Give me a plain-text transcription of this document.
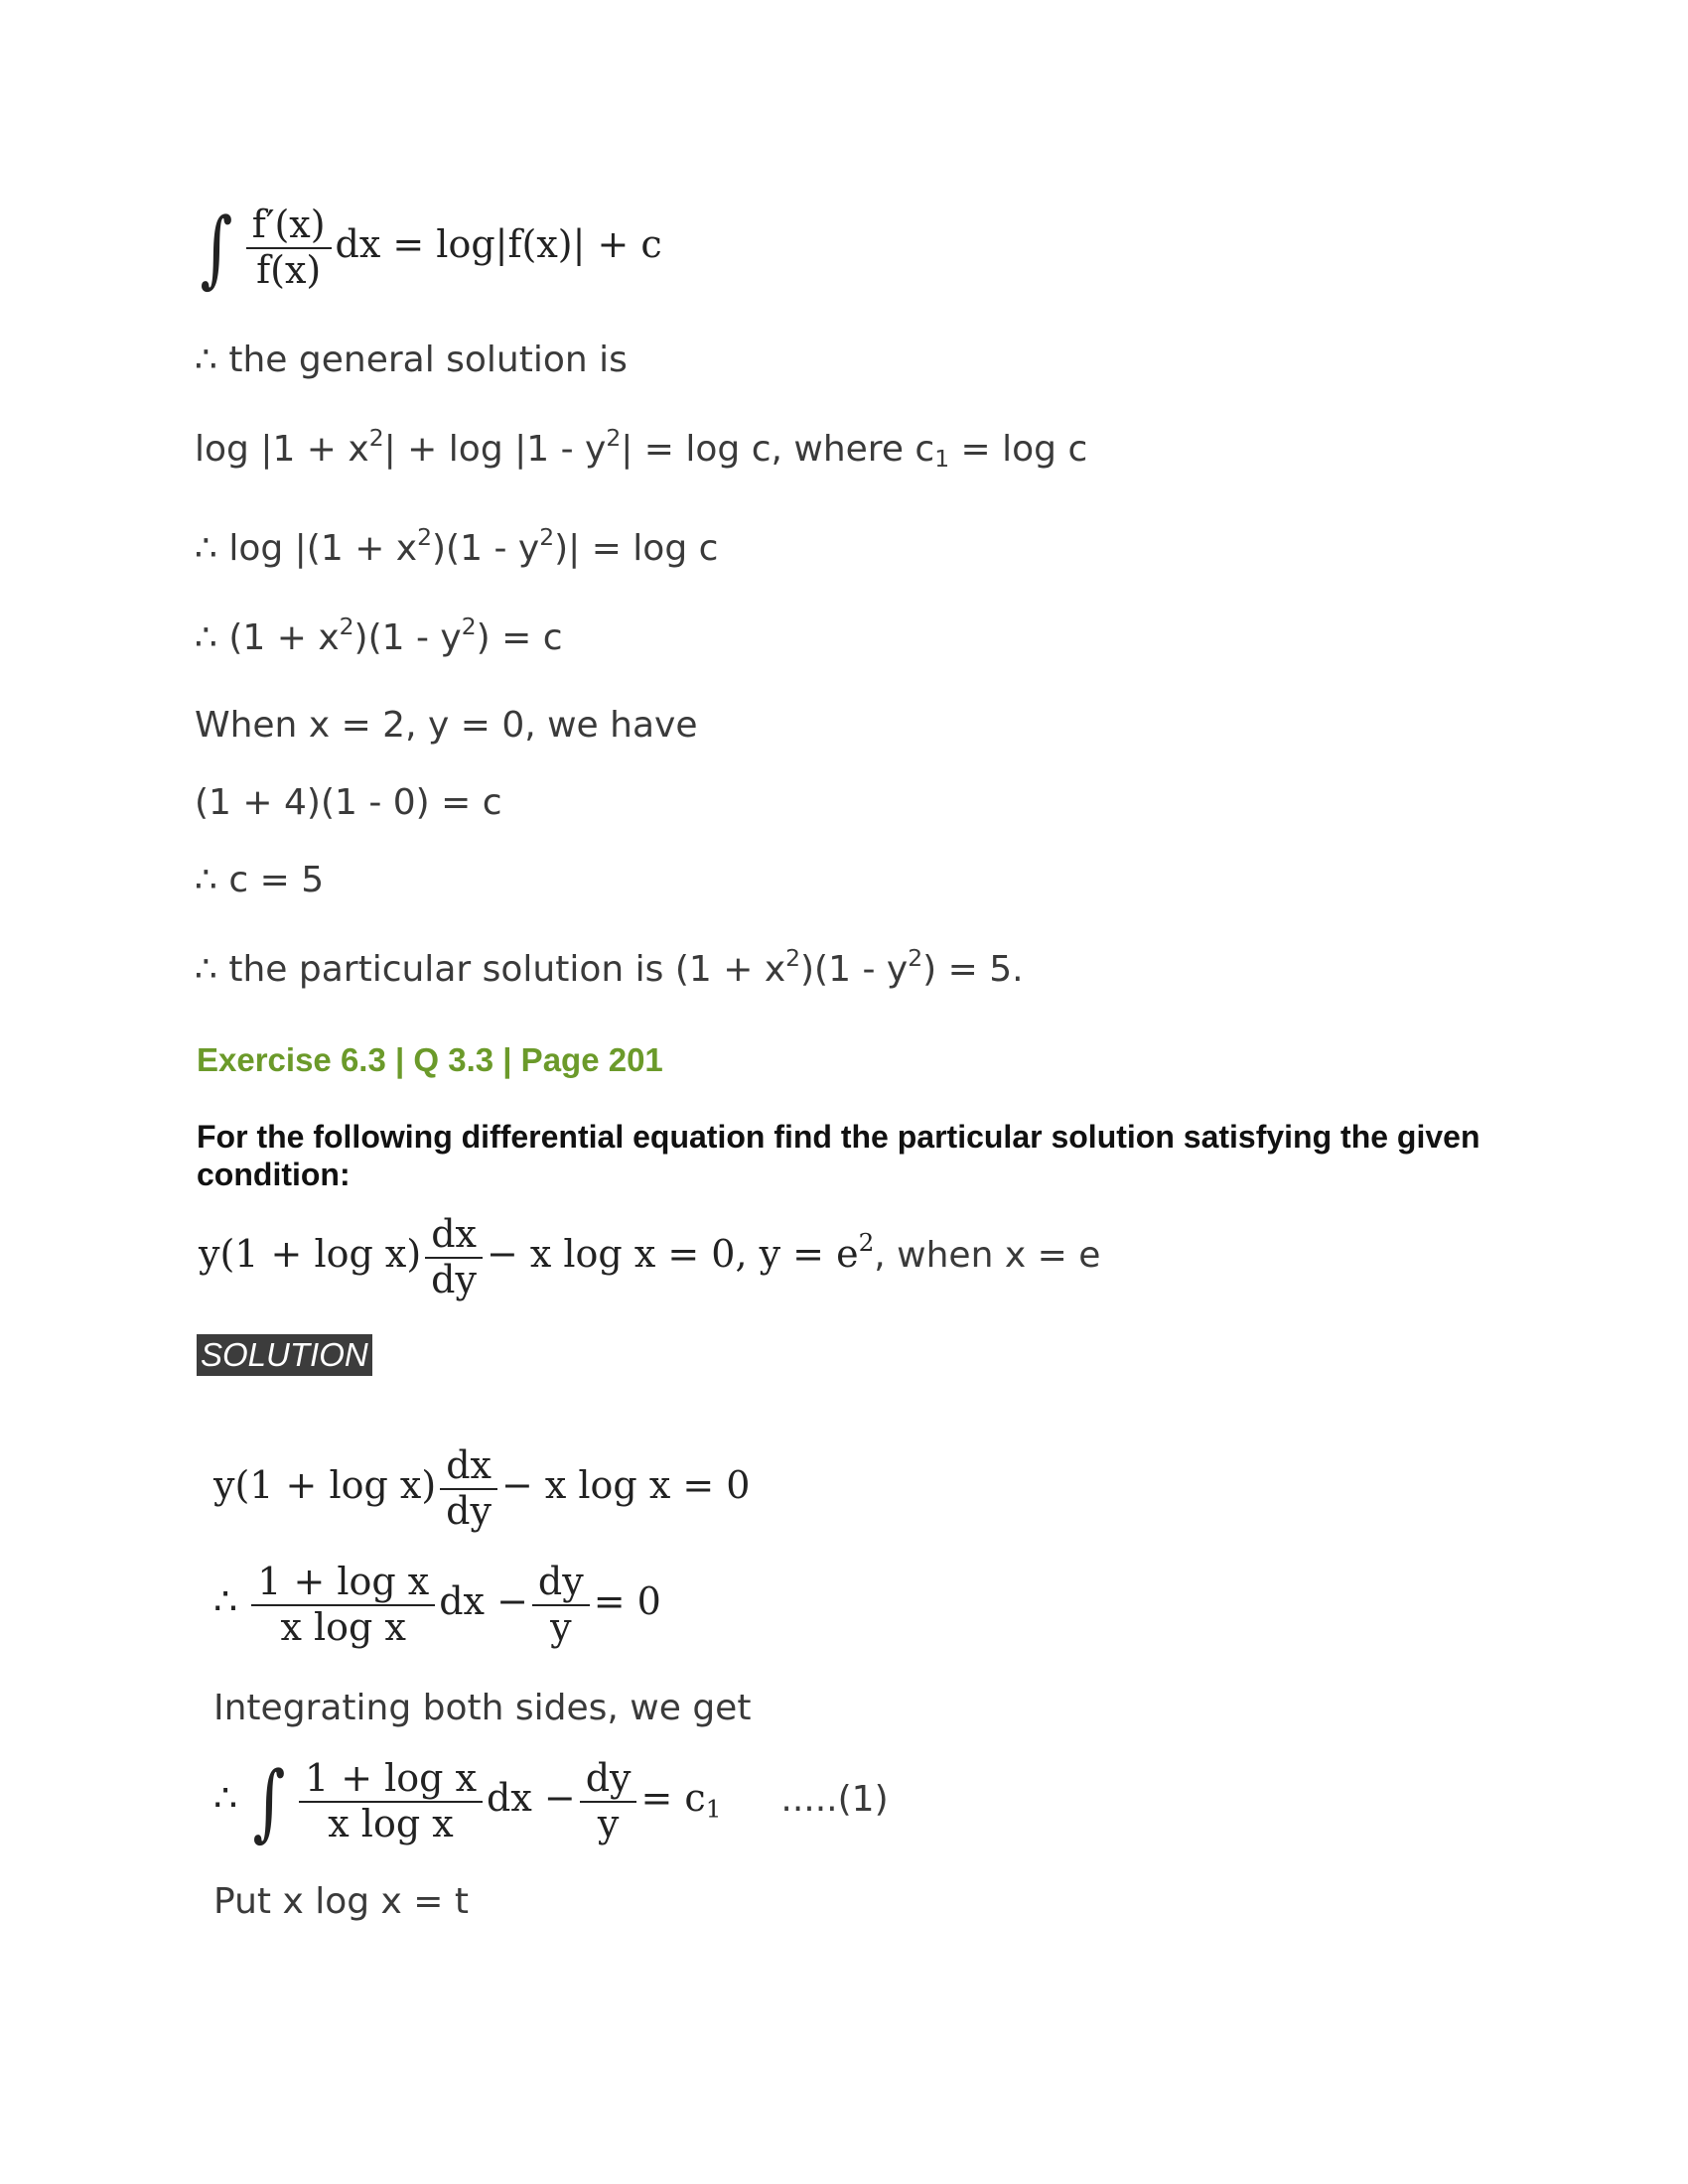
∫ $\frac{f'(x)}{f(x)}$ dx = log|f(x)| + c
∴ the general solution is
$\log |1 + x^2| + \log |1 - y^2| = \log c$, where $c_1 = \log c$
∴ $\log |(1 + x^2)(1 - y^2)| = \log c$
∴ $(1 + x^2)(1 - y^2) = c$
When x = 2, y = 0, we have
(1 + 4)(1 - 0) = c
∴ c = 5
∴ the particular solution is $(1 + x^2)(1 - y^2) = 5$.
Exercise 6.3 | Q 3.3 | Page 201
For the following differential equation find the particular solution satisfying the given condition:
$y(1 + \log x) \frac{dx}{dy} - x$ log x = 0, $y = e^2$, when x = e
SOLUTION
$y(1 + \log x) \frac{dx}{dy} - x$ log x = 0
∴ $\frac{\text{1 + log x}}{\text{x log x}}$ dx − $\frac{dy}{y} = 0$
Integrating both sides, we get
∴ ∫ $\frac{\text{1 + log x}}{\text{x log x}}$ dx − $\frac{dy}{y} = c_1$ .....(1)
Put x log x = t
